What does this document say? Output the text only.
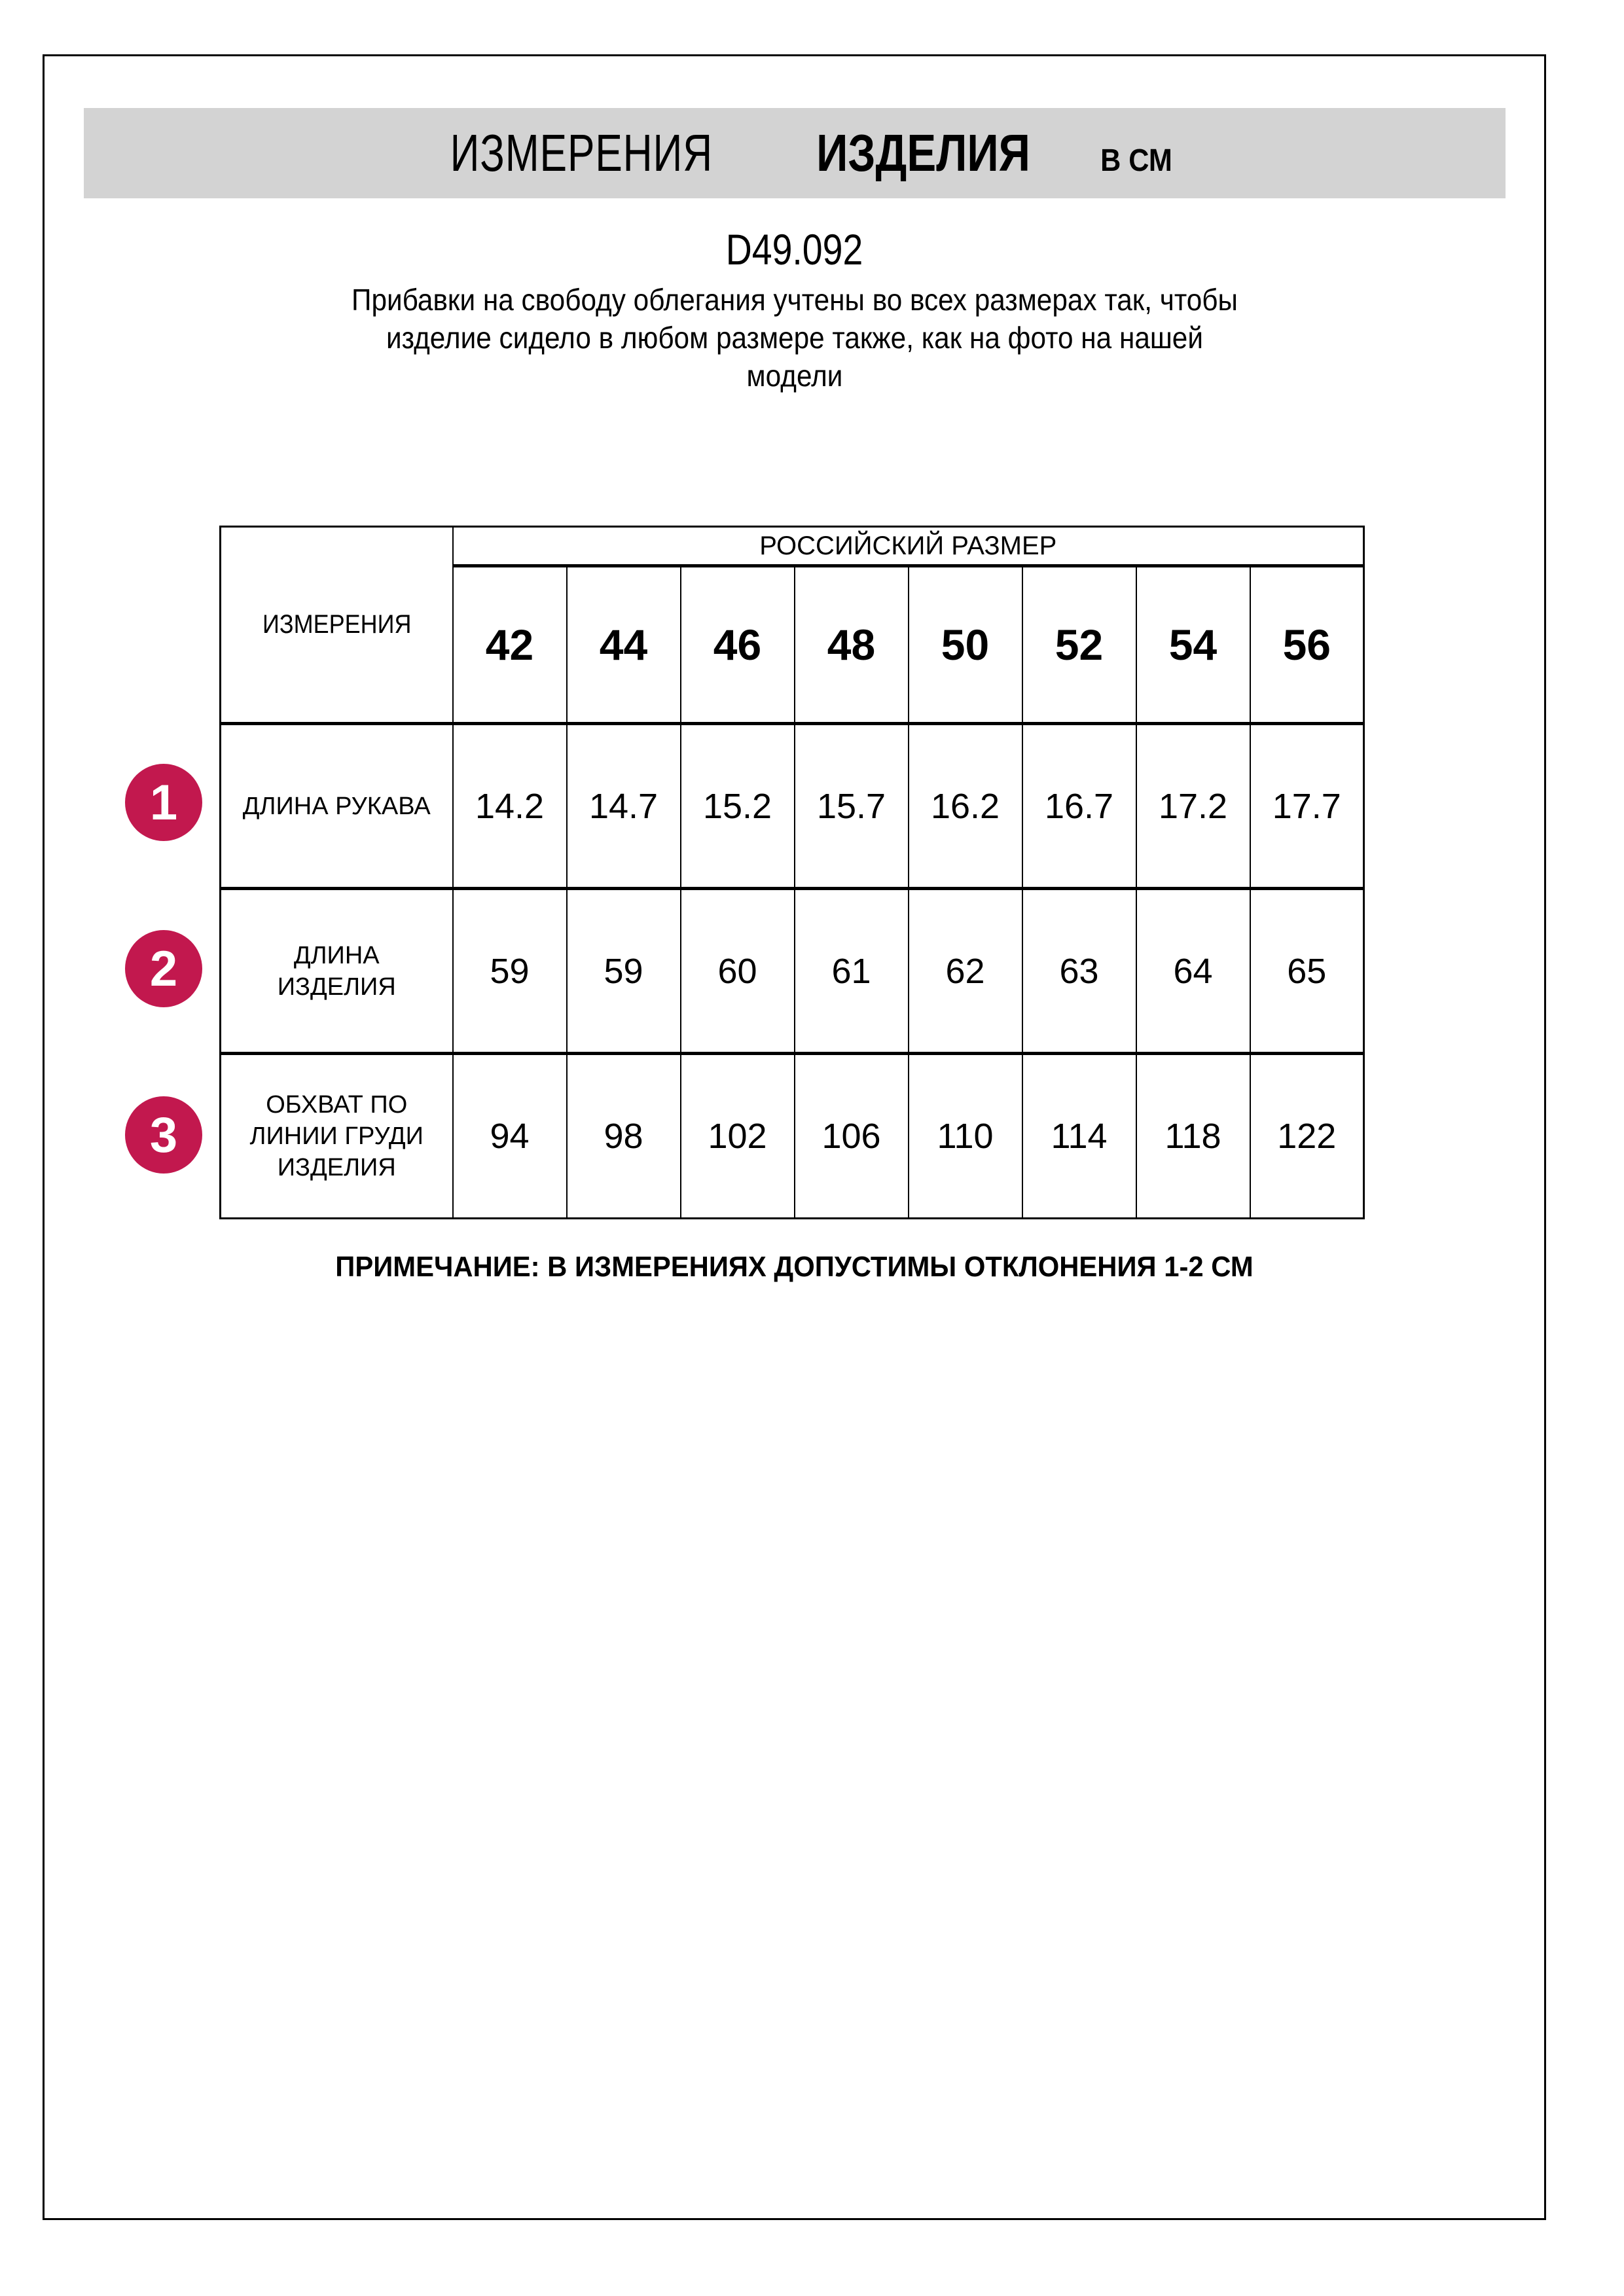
ИЗМЕРЕНИЯ ИЗДЕЛИЯ В СМ
D49.092

Прибавки на свободу облегания учтены во всех размерах так, чтобы
изделие сидело в любом размере также, как на фото на нашей
модели

1
2
3
ИЗМЕРЕНИЯ	РОССИЙСКИЙ РАЗМЕР							
	42	44	46	48	50	52	54	56
ДЛИНА РУКАВА	14.2	14.7	15.2	15.7	16.2	16.7	17.2	17.7
ДЛИНА
ИЗДЕЛИЯ	59	59	60	61	62	63	64	65
ОБХВАТ ПО
ЛИНИИ ГРУДИ
ИЗДЕЛИЯ	94	98	102	106	110	114	118	122
ПРИМЕЧАНИЕ: В ИЗМЕРЕНИЯХ ДОПУСТИМЫ ОТКЛОНЕНИЯ 1-2 СМ
